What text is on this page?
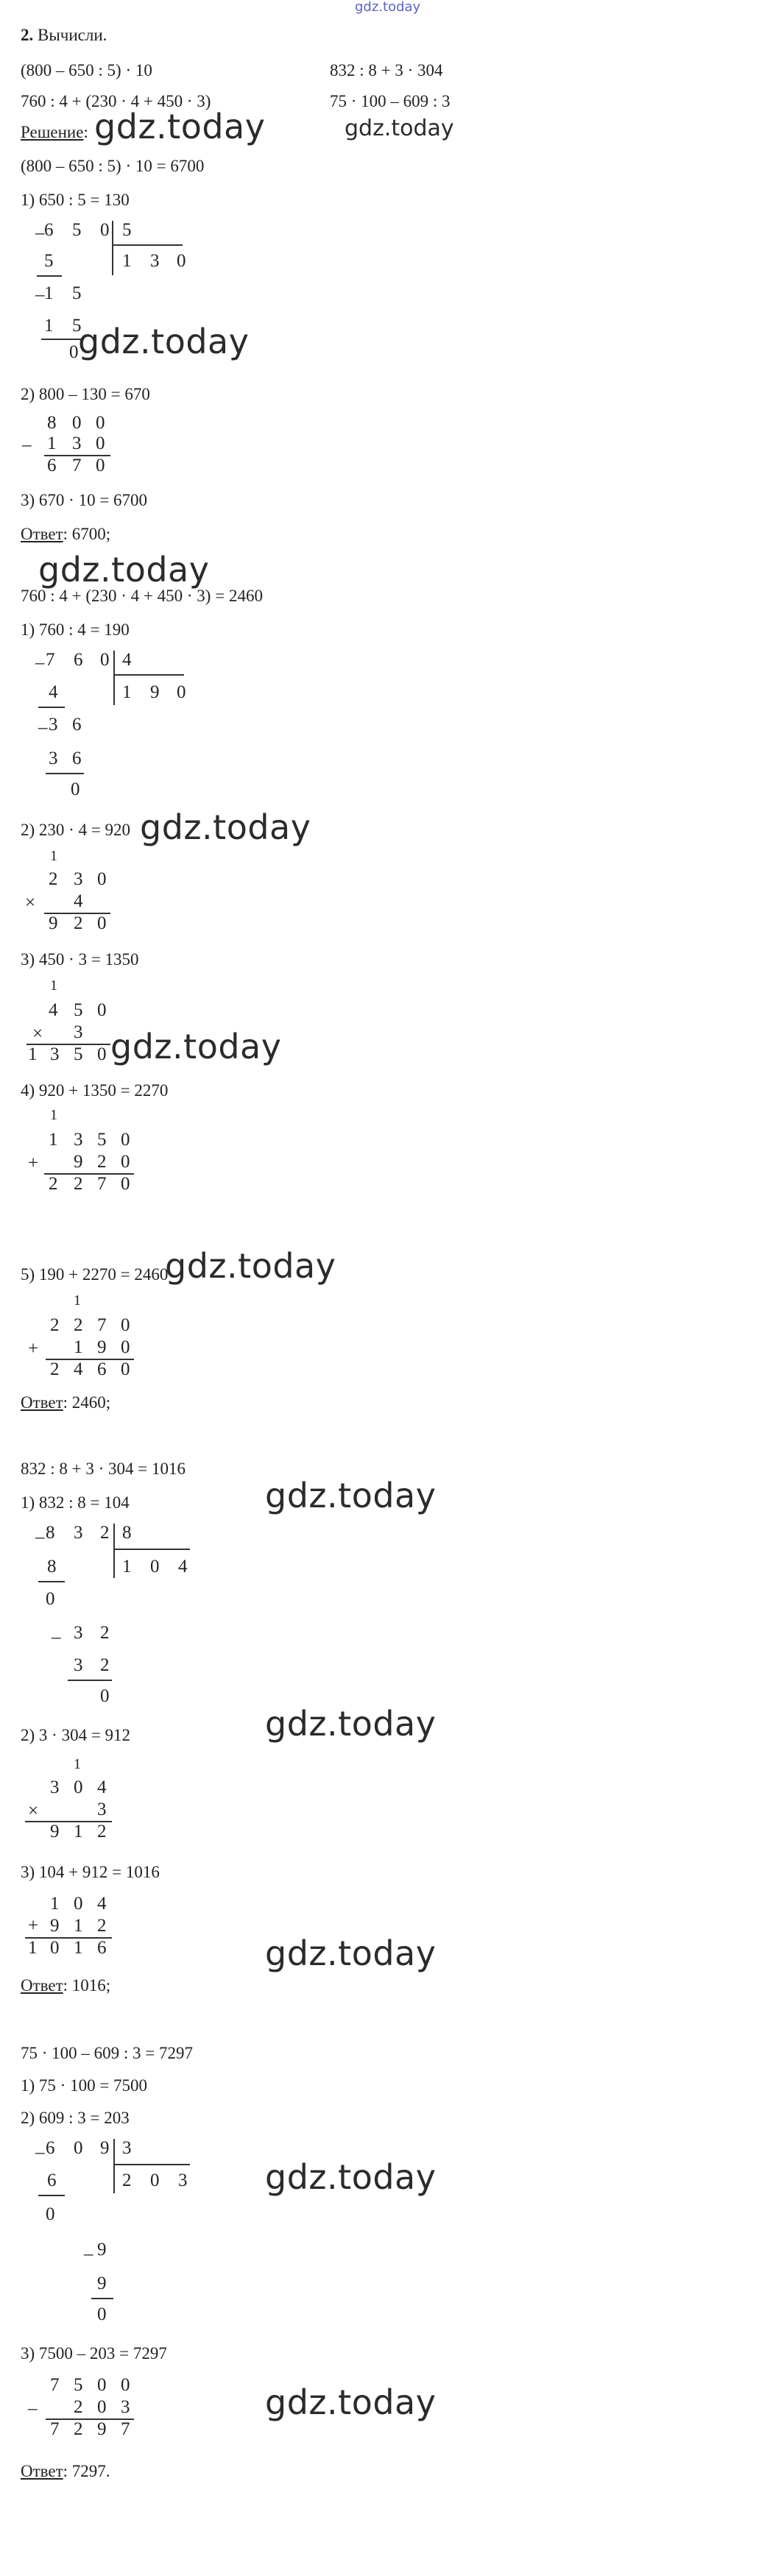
gdz.today
2. Вычисли.
(800 – 650 : 5) · 10	832 : 8 + 3 · 304
760 : 4 + (230 · 4 + 450 · 3)	75 · 100 – 609 : 3
Решение: gdz.today	gdz.today
(800 – 650 : 5) · 10 = 6700
1) 650 : 5 = 130
– 6 5 0 5
1 3 0
5
– 1 5
1 5
0 gdz.today
2) 800 – 130 = 670
8 0 0
– 1 3 0
6 7 0
3) 670 · 10 = 6700
Ответ: 6700;
gdz.today
760 : 4 + (230 · 4 + 450 · 3) = 2460
1) 760 : 4 = 190
– 7 6 0 4
1 9 0
4
– 3 6
3 6
0
2) 230 · 4 = 920 gdz.today
1
2 3 0
× 4
9 2 0
3) 450 · 3 = 1350
1
4 5 0
× 3
1 3 5 0 gdz.today
4) 920 + 1350 = 2270
1
1 3 5 0
+ 9 2 0
2 2 7 0
5) 190 + 2270 = 2460
gdz.today
1
2 2 7 0
+ 1 9 0
2 4 6 0
Ответ: 2460;
832 : 8 + 3 · 304 = 1016
1) 832 : 8 = 104	gdz.today
– 8 3 2 8
1 0 4
8
0
– 3 2
3 2
0
2) 3 · 304 = 912	gdz.today
1
3 0 4
×	3
9 1 2
3) 104 + 912 = 1016
1 0 4
+ 9 1 2
1 0 1 6	gdz.today
Ответ: 1016;
75 · 100 – 609 : 3 = 7297
1) 75 · 100 = 7500
2) 609 : 3 = 203
– 6 0 9 3
2 0 3
6
0
– 9
9
0
gdz.today
3) 7500 – 203 = 7297
7 5 0 0
– 2 0 3
7 2 9 7
gdz.today
Ответ: 7297.
